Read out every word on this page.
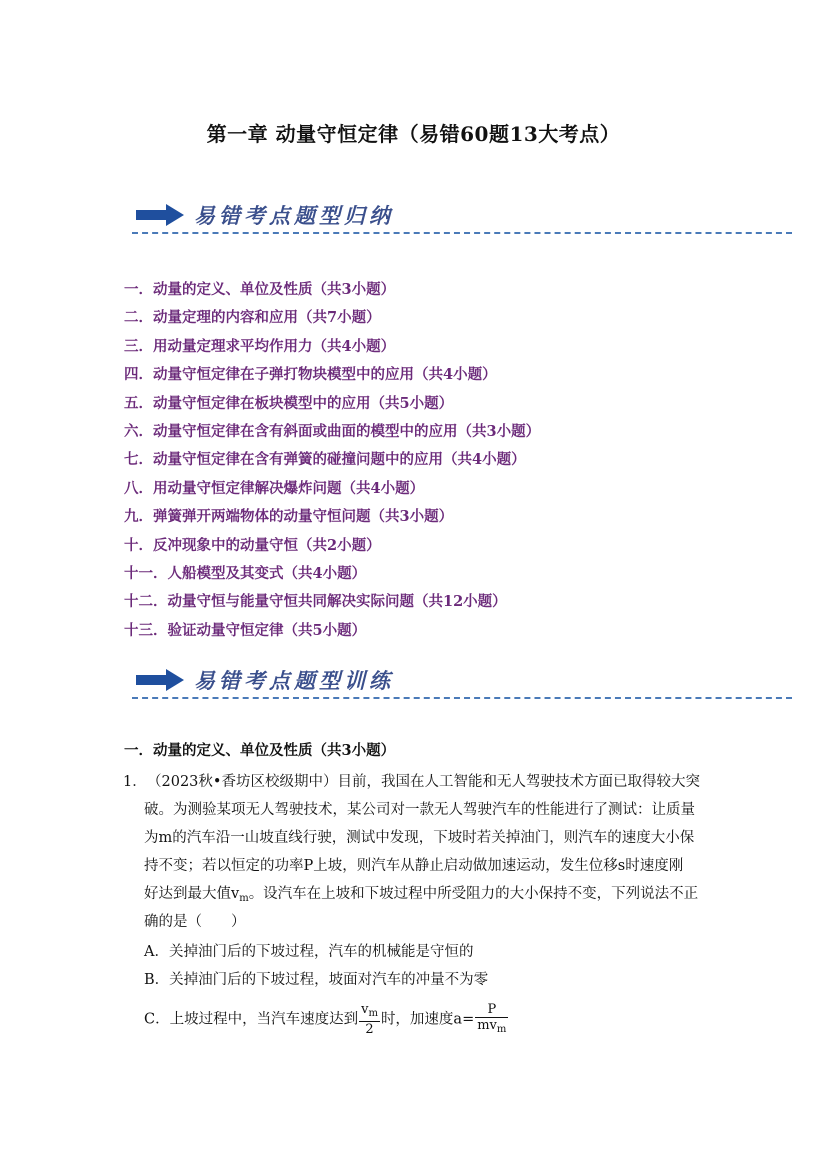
第一章 动量守恒定律（易错60题13大考点）
易错考点题型归纳
一．动量的定义、单位及性质（共3小题）
二．动量定理的内容和应用（共7小题）
三．用动量定理求平均作用力（共4小题）
四．动量守恒定律在子弹打物块模型中的应用（共4小题）
五．动量守恒定律在板块模型中的应用（共5小题）
六．动量守恒定律在含有斜面或曲面的模型中的应用（共3小题）
七．动量守恒定律在含有弹簧的碰撞问题中的应用（共4小题）
八．用动量守恒定律解决爆炸问题（共4小题）
九．弹簧弹开两端物体的动量守恒问题（共3小题）
十．反冲现象中的动量守恒（共2小题）
十一．人船模型及其变式（共4小题）
十二．动量守恒与能量守恒共同解决实际问题（共12小题）
十三．验证动量守恒定律（共5小题）
易错考点题型训练
一．动量的定义、单位及性质（共3小题）
1． （2023秋•香坊区校级期中）目前，我国在人工智能和无人驾驶技术方面已取得较大突
破。为测验某项无人驾驶技术，某公司对一款无人驾驶汽车的性能进行了测试：让质量
为m的汽车沿一山坡直线行驶，测试中发现，下坡时若关掉油门，则汽车的速度大小保
持不变；若以恒定的功率P上坡，则汽车从静止启动做加速运动，发生位移s时速度刚
好达到最大值$v_m$。设汽车在上坡和下坡过程中所受阻力的大小保持不变，下列说法不正
确的是（　　）
A．关掉油门后的下坡过程，汽车的机械能是守恒的
B．关掉油门后的下坡过程，坡面对汽车的冲量不为零
C．上坡过程中，当汽车速度达到 $\frac{v_m}{2}$ 时，加速度$a= \frac{P}{mv_m}$
